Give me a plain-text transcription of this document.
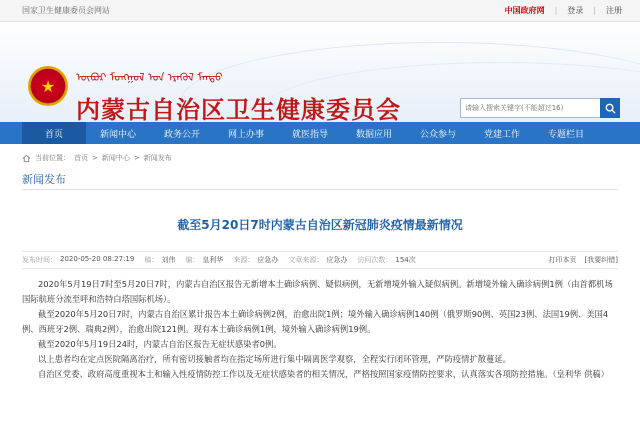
国家卫生健康委员会网站	中国政府网 | 登录 | 注册
★	ᠥᠪᠥᠷ ᠮᠣᠩᠭᠣᠯ ᠤᠨ ᠡᠷᠡᠭᠦᠯ ᠮᠡᠨᠳᠦ
内蒙古自治区卫生健康委员会
请输入搜索关键字(不能超过16)
首页	新闻中心	政务公开	网上办事	就医指导	数据应用	公众参与	党建工作	专题栏目
当前位置： 首页 > 新闻中心 > 新闻发布
新闻发布
截至5月20日7时内蒙古自治区新冠肺炎疫情最新情况
发布时间： 2020-05-20 08:27:19 稿： 刘伟 编： 皇利华 来源： 应急办 文章来源： 应急办 访问次数： 154次	打印本页 [我要纠错]

2020年5月19日7时至5月20日7时，内蒙古自治区报告无新增本土确诊病例、疑似病例，无新增境外输入疑似病例。新增境外输入确诊病例1例（由首都机场国际航班分流至呼和浩特白塔国际机场）。

截至2020年5月20日7时，内蒙古自治区累计报告本土确诊病例2例，治愈出院1例；境外输入确诊病例140例（俄罗斯90例、英国23例、法国19例、美国4例、西班牙2例、瑞典2例），治愈出院121例。现有本土确诊病例1例，境外输入确诊病例19例。

截至2020年5月19日24时，内蒙古自治区报告无症状感染者0例。

以上患者均在定点医院隔离治疗，所有密切接触者均在指定场所进行集中隔离医学观察，全程实行闭环管理，严防疫情扩散蔓延。

自治区党委、政府高度重视本土和输入性疫情防控工作以及无症状感染者的相关情况，严格按照国家疫情防控要求，认真落实各项防控措施。（皇利华 供稿）
